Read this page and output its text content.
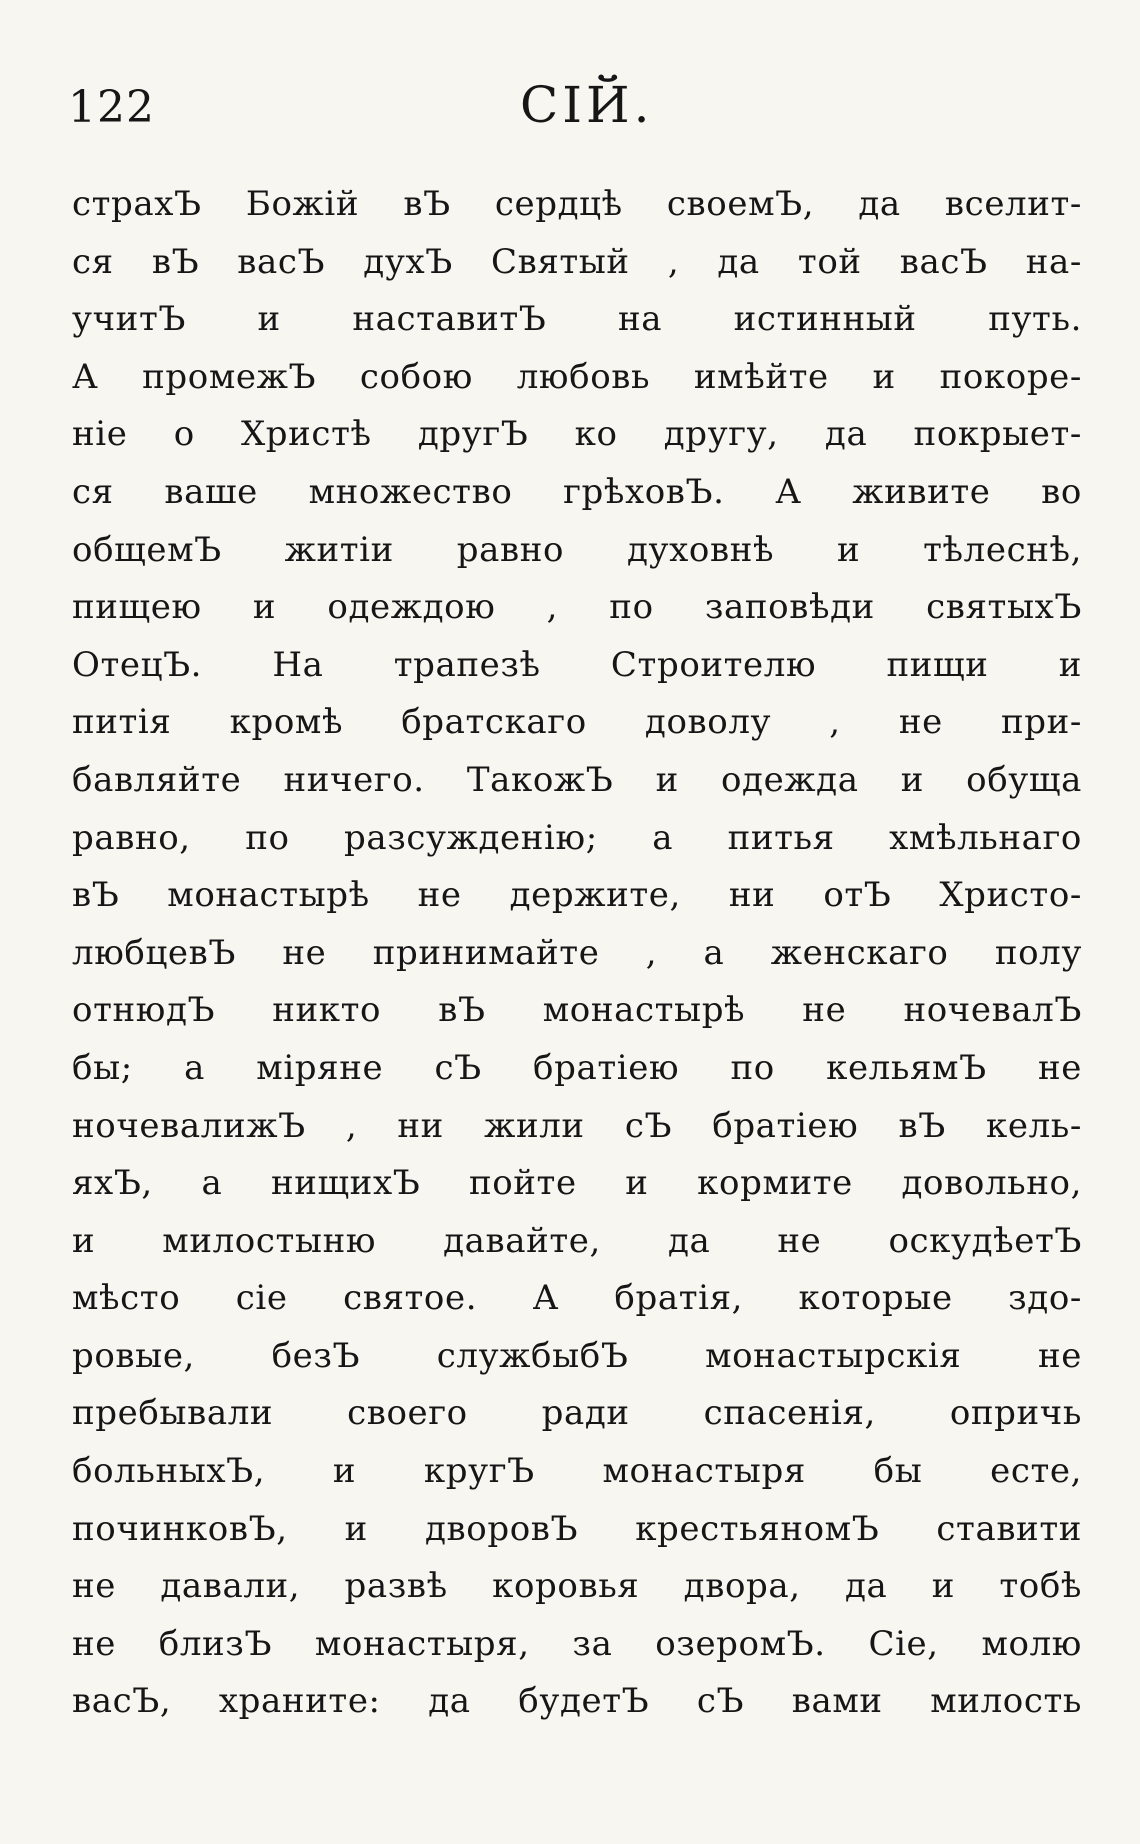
122	СІЙ.
страхЪ Божій вЪ сердцѣ своемЪ, да вселит-
ся вЪ васЪ духЪ Святый , да той васЪ на-
учитЪ и наставитЪ на истинный путь.
А промежЪ собою любовь имѣйте и покоре-
ніе о Христѣ другЪ ко другу, да покрыет-
ся ваше множество грѣховЪ. А живите во
общемЪ житіи равно духовнѣ и тѣлеснѣ,
пищею и одеждою , по заповѣди святыхЪ
ОтецЪ. На трапезѣ Строителю пищи и
питія кромѣ братскаго доволу , не при-
бавляйте ничего. ТакожЪ и одежда и обуща
равно, по разсужденію; а питья хмѣльнаго
вЪ монастырѣ не держите, ни отЪ Христо-
любцевЪ не принимайте , а женскаго полу
отнюдЪ никто вЪ монастырѣ не ночевалЪ
бы; а міряне сЪ братіею по кельямЪ не
ночевалижЪ , ни жили сЪ братіею вЪ кель-
яхЪ, а нищихЪ пойте и кормите довольно,
и милостыню давайте, да не оскудѣетЪ
мѣсто сіе святое. А братія, которые здо-
ровые, безЪ службыбЪ монастырскія не
пребывали своего ради спасенія, опричь
больныхЪ, и кругЪ монастыря бы есте,
починковЪ, и дворовЪ крестьяномЪ ставити
не давали, развѣ коровья двора, да и тобѣ
не близЪ монастыря, за озеромЪ. Сіе, молю
васЪ, храните: да будетЪ сЪ вами милость
